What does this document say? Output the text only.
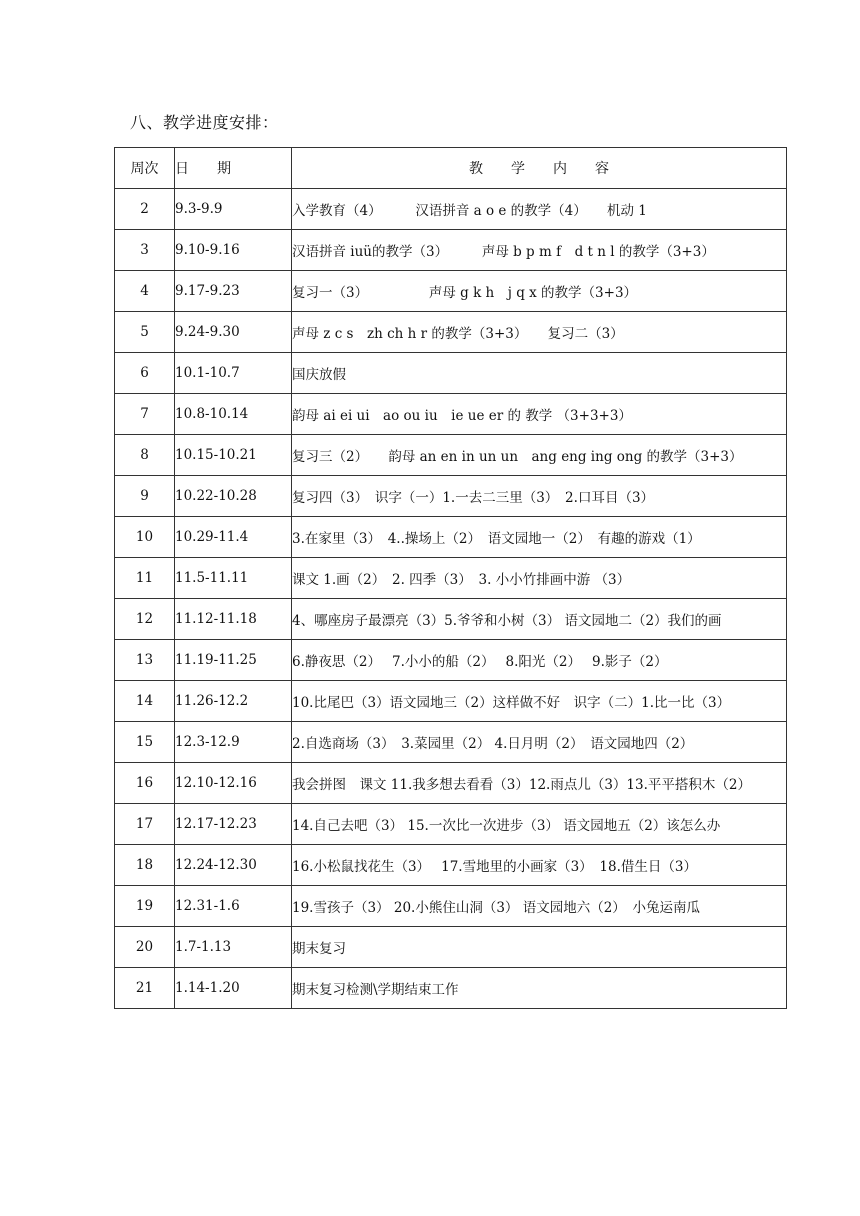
八、教学进度安排：
周次	日　　期	教　　学　　内　　容
2	9.3-9.9	入学教育（4）　　　汉语拼音 a o e 的教学（4）　　机动 1
3	9.10-9.16	汉语拼音 iuü的教学（3）　　　声母 b p m f　d t n l 的教学（3+3）
4	9.17-9.23	复习一（3）　　　　　声母 g k h　j q x 的教学（3+3）
5	9.24-9.30	声母 z c s　zh ch h r 的教学（3+3）　　复习二（3）
6	10.1-10.7	国庆放假
7	10.8-10.14	韵母 ai ei ui　ao ou iu　ie ue er 的 教学 （3+3+3）
8	10.15-10.21	复习三（2）　　韵母 an en in un un　ang eng ing ong 的教学（3+3）
9	10.22-10.28	复习四（3）　识字（一）1.一去二三里（3）　2.口耳目（3）
10	10.29-11.4	3.在家里（3）　4..操场上（2）　语文园地一（2）　有趣的游戏（1）
11	11.5-11.11	课文 1.画（2）　2. 四季（3）　3. 小小竹排画中游 （3）
12	11.12-11.18	4、哪座房子最漂亮（3）5.爷爷和小树（3） 语文园地二（2）我们的画
13	11.19-11.25	6.静夜思（2）　 7.小小的船（2）　 8.阳光（2）　 9.影子（2）
14	11.26-12.2	10.比尾巴（3）语文园地三（2）这样做不好　识字（二）1.比一比（3）
15	12.3-12.9	2.自选商场（3）　3.菜园里（2） 4.日月明（2）　语文园地四（2）
16	12.10-12.16	我会拼图　课文 11.我多想去看看（3）12.雨点儿（3）13.平平搭积木（2）
17	12.17-12.23	14.自己去吧（3） 15.一次比一次进步（3） 语文园地五（2）该怎么办
18	12.24-12.30	16.小松鼠找花生（3）　 17.雪地里的小画家（3）　18.借生日（3）
19	12.31-1.6	19.雪孩子（3） 20.小熊住山洞（3） 语文园地六（2）　小兔运南瓜
20	1.7-1.13	期末复习
21	1.14-1.20	期末复习检测\学期结束工作
